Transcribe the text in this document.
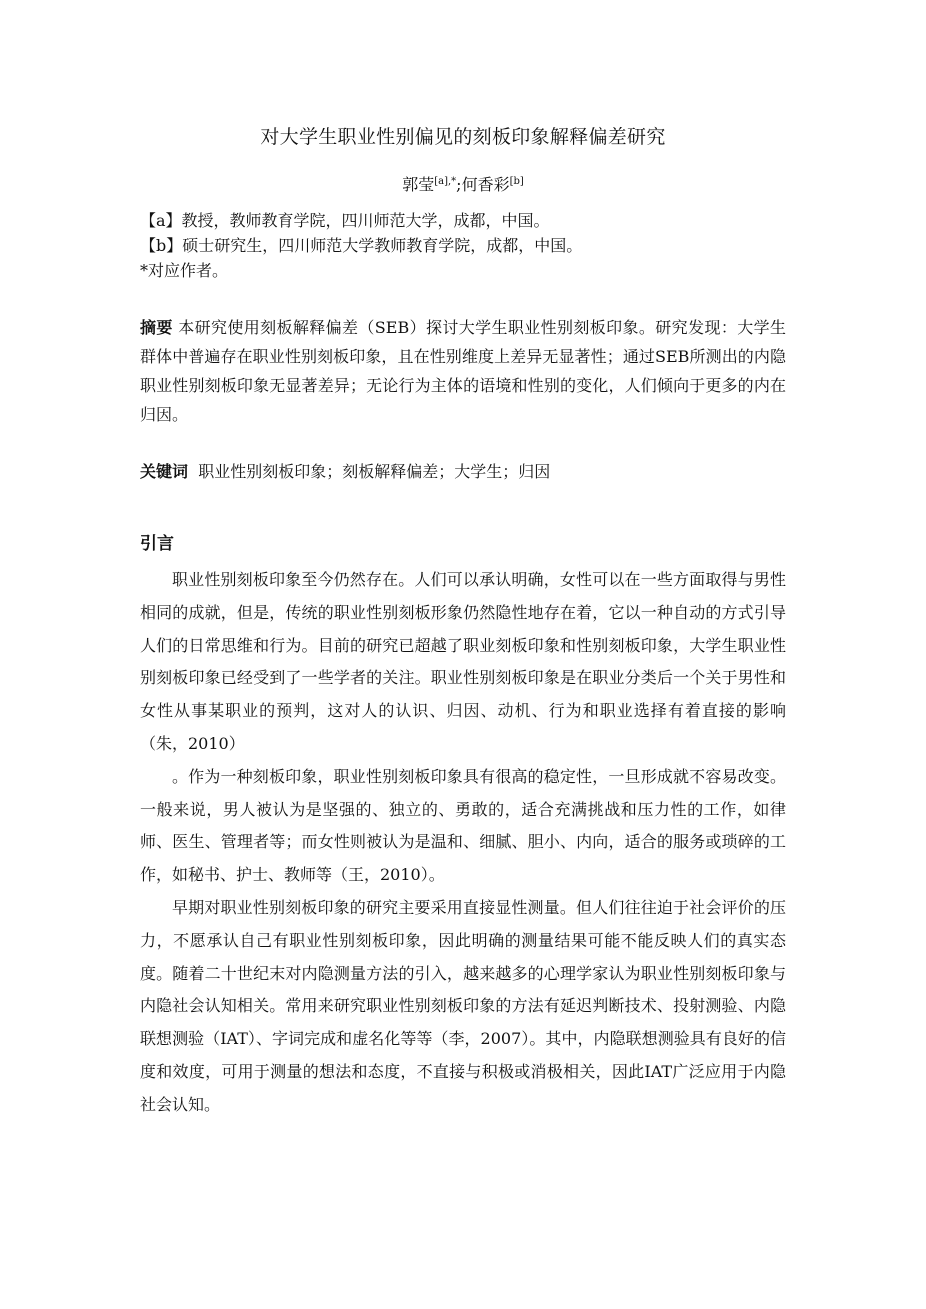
对大学生职业性别偏见的刻板印象解释偏差研究
郭莹$^{[a],*}$;何香彩[b]
【a】教授，教师教育学院，四川师范大学，成都，中国。
【b】硕士研究生，四川师范大学教师教育学院，成都，中国。
*对应作者。
摘要 本研究使用刻板解释偏差（SEB）探讨大学生职业性别刻板印象。研究发现：大学生群体中普遍存在职业性别刻板印象，且在性别维度上差异无显著性；通过SEB所测出的内隐职业性别刻板印象无显著差异；无论行为主体的语境和性别的变化，人们倾向于更多的内在归因。
关键词 职业性别刻板印象；刻板解释偏差；大学生；归因
引言

职业性别刻板印象至今仍然存在。人们可以承认明确，女性可以在一些方面取得与男性相同的成就，但是，传统的职业性别刻板形象仍然隐性地存在着，它以一种自动的方式引导人们的日常思维和行为。目前的研究已超越了职业刻板印象和性别刻板印象，大学生职业性别刻板印象已经受到了一些学者的关注。职业性别刻板印象是在职业分类后一个关于男性和女性从事某职业的预判，这对人的认识、归因、动机、行为和职业选择有着直接的影响（朱，2010）

。作为一种刻板印象，职业性别刻板印象具有很高的稳定性，一旦形成就不容易改变。一般来说，男人被认为是坚强的、独立的、勇敢的，适合充满挑战和压力性的工作，如律师、医生、管理者等；而女性则被认为是温和、细腻、胆小、内向，适合的服务或琐碎的工作，如秘书、护士、教师等（王，2010）。

早期对职业性别刻板印象的研究主要采用直接显性测量。但人们往往迫于社会评价的压力，不愿承认自己有职业性别刻板印象，因此明确的测量结果可能不能反映人们的真实态度。随着二十世纪末对内隐测量方法的引入，越来越多的心理学家认为职业性别刻板印象与内隐社会认知相关。常用来研究职业性别刻板印象的方法有延迟判断技术、投射测验、内隐联想测验（IAT）、字词完成和虚名化等等（李，2007）。其中，内隐联想测验具有良好的信度和效度，可用于测量的想法和态度，不直接与积极或消极相关，因此IAT广泛应用于内隐社会认知。
